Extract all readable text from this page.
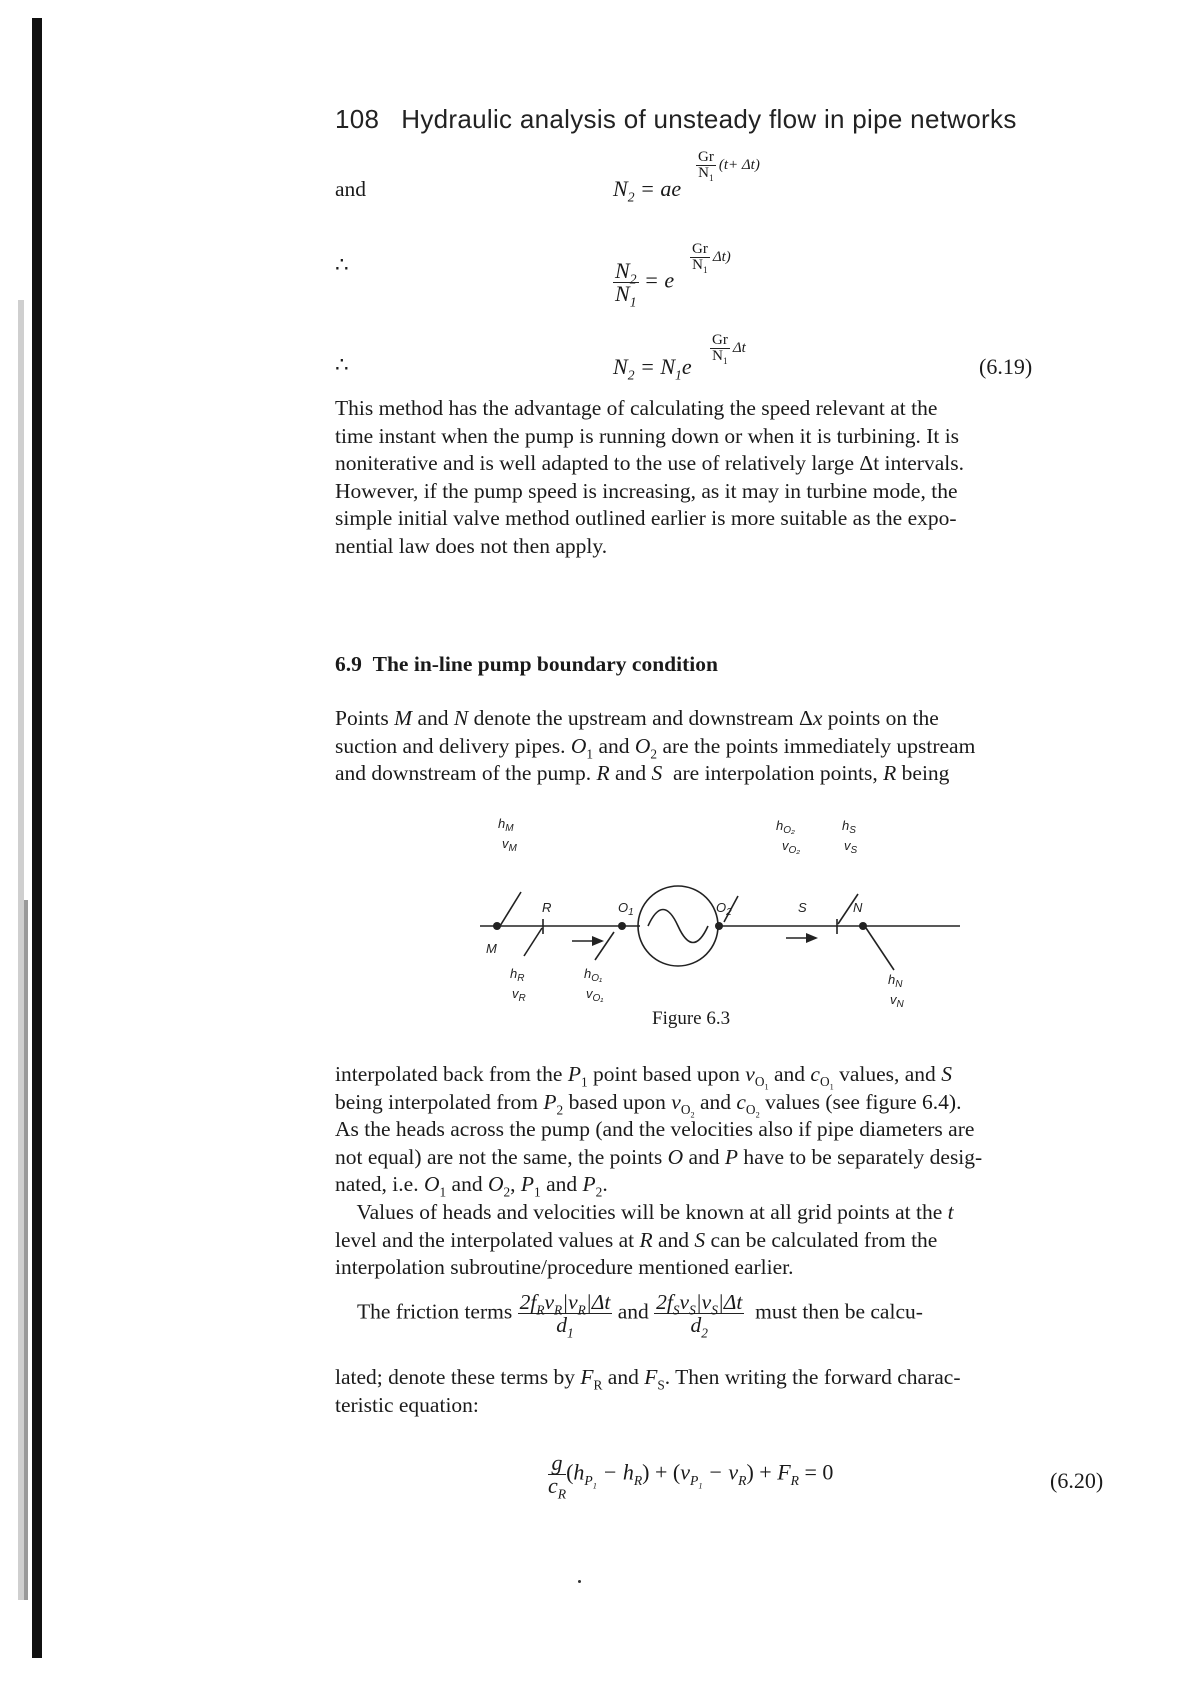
108 Hydraulic analysis of unsteady flow in pipe networks
and	$N_2$ = ae
$\frac{Gr}{N_1} (t+ \Delta t)$
∴	$\frac{N_2}{N_1} = e$
$\frac{Gr}{N_1} \Delta t$)
∴	$N_2 = N_1e$
$\frac{Gr}{N_1}$ Δt
(6.19)
This method has the advantage of calculating the speed relevant at the
time instant when the pump is running down or when it is turbining. It is
noniterative and is well adapted to the use of relatively large Δt intervals.
However, if the pump speed is increasing, as it may in turbine mode, the
simple initial valve method outlined earlier is more suitable as the expo-
nential law does not then apply.
6.9 The in-line pump boundary condition
Points M and N denote the upstream and downstream Δx points on the
suction and delivery pipes. $O_1$ and $O_2$ are the points immediately upstream
and downstream of the pump. R and S  are interpolation points, R being
$h_M$
$v_M$
M
R	$O_1$	$O_2$	S	N
$h_{O_2}$
$v_{O_2}$
$h_S$
$v_S$
$h_R$
$v_R$
$h_{O_1}$
$v_{O_1}$
$h_N$
$v_N$
Figure 6.3
interpolated back from the $P_1$ point based upon $v_{O_1}$ and $c_{O_1}$ values, and S
being interpolated from $P_2$ based upon $v_{O_2}$ and $c_{O_2}$ values (see figure 6.4).
As the heads across the pump (and the velocities also if pipe diameters are
not equal) are not the same, the points O and P have to be separately desig-
nated, i.e. $O_1$ and $O_2$, $P_1$ and $P_2$.
Values of heads and velocities will be known at all grid points at the t
level and the interpolated values at R and S can be calculated from the
interpolation subroutine/procedure mentioned earlier.
The friction terms $\frac{2f_Rv_R|v_R|\Delta t}{d_1}$ and $\frac{2f_Sv_S|v_S|\Delta t}{d_2}$ must then be calcu-
lated; denote these terms by $F_R$ and $F_S$. Then writing the forward charac-
teristic equation:
$\frac{g}{c_R} (h_{P_1} - h_R) + (v_{P_1} - v_R) + F_R = 0$	(6.20)
